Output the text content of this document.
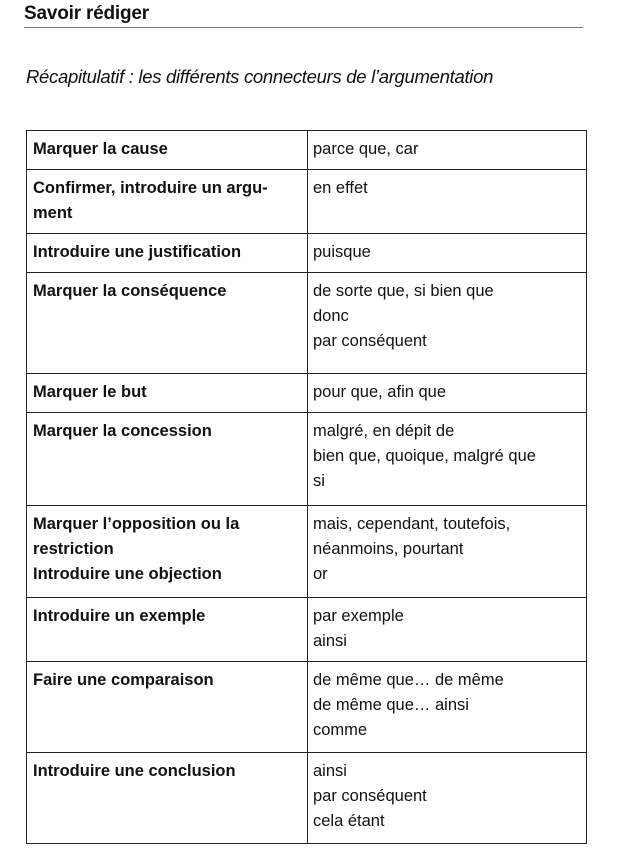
Savoir rédiger
Récapitulatif : les différents connecteurs de l’argumentation
Marquer la cause	parce que, car

Confirmer, introduire un argu-
ment	en effet

Introduire une justification	puisque

Marquer la conséquence	de sorte que, si bien que
donc
par conséquent

Marquer le but	pour que, afin que

Marquer la concession	malgré, en dépit de
bien que, quoique, malgré que
si

Marquer l’opposition ou la
restriction
Introduire une objection	mais, cependant, toutefois,
néanmoins, pourtant
or

Introduire un exemple	par exemple
ainsi

Faire une comparaison	de même que… de même
de même que… ainsi
comme

Introduire une conclusion	ainsi
par conséquent
cela étant
